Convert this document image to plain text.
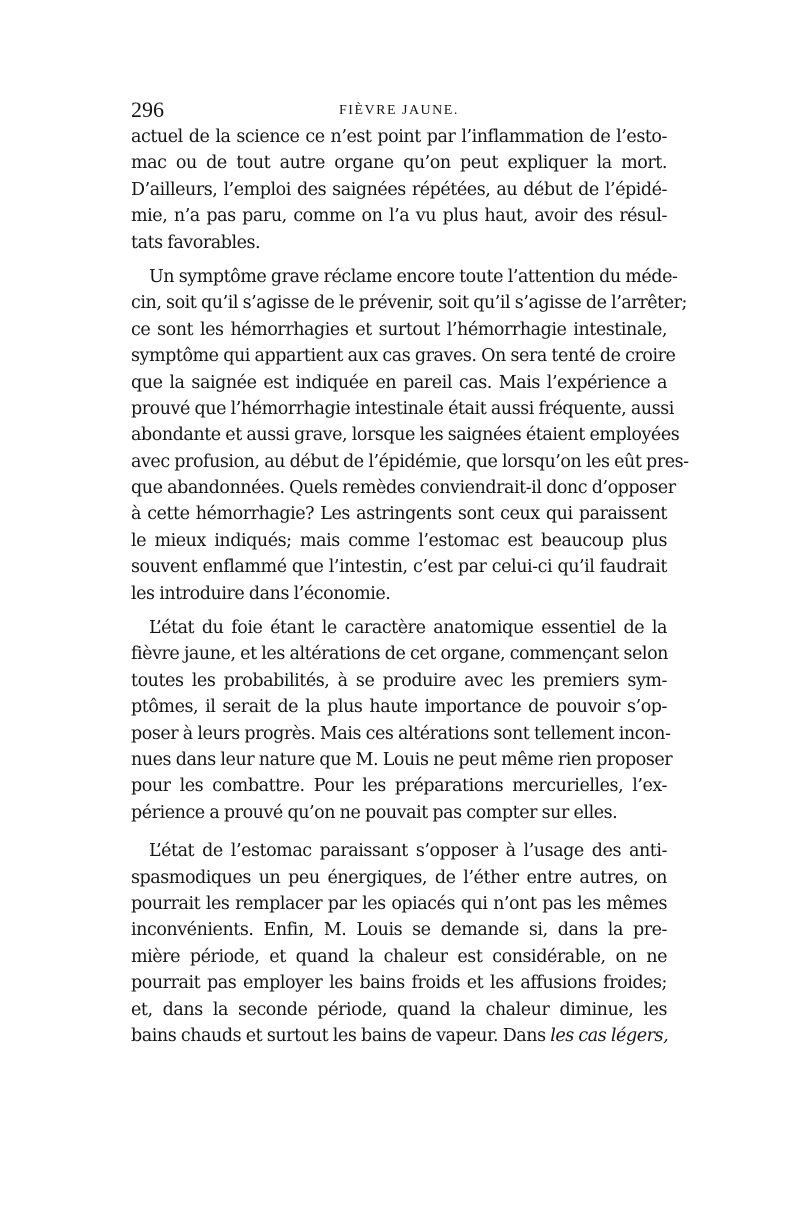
296	FIÈVRE JAUNE.
actuel de la science ce n’est point par l’inflammation de l’esto-
mac ou de tout autre organe qu’on peut expliquer la mort.
D’ailleurs, l’emploi des saignées répétées, au début de l’épidé-
mie, n’a pas paru, comme on l’a vu plus haut, avoir des résul-
tats favorables.
Un symptôme grave réclame encore toute l’attention du méde-
cin, soit qu’il s’agisse de le prévenir, soit qu’il s’agisse de l’arrêter;
ce sont les hémorrhagies et surtout l’hémorrhagie intestinale,
symptôme qui appartient aux cas graves. On sera tenté de croire
que la saignée est indiquée en pareil cas. Mais l’expérience a
prouvé que l’hémorrhagie intestinale était aussi fréquente, aussi
abondante et aussi grave, lorsque les saignées étaient employées
avec profusion, au début de l’épidémie, que lorsqu’on les eût pres-
que abandonnées. Quels remèdes conviendrait-il donc d’opposer
à cette hémorrhagie? Les astringents sont ceux qui paraissent
le mieux indiqués; mais comme l’estomac est beaucoup plus
souvent enflammé que l’intestin, c’est par celui-ci qu’il faudrait
les introduire dans l’économie.
L’état du foie étant le caractère anatomique essentiel de la
fièvre jaune, et les altérations de cet organe, commençant selon
toutes les probabilités, à se produire avec les premiers sym-
ptômes, il serait de la plus haute importance de pouvoir s’op-
poser à leurs progrès. Mais ces altérations sont tellement incon-
nues dans leur nature que M. Louis ne peut même rien proposer
pour les combattre. Pour les préparations mercurielles, l’ex-
périence a prouvé qu’on ne pouvait pas compter sur elles.
L’état de l’estomac paraissant s’opposer à l’usage des anti-
spasmodiques un peu énergiques, de l’éther entre autres, on
pourrait les remplacer par les opiacés qui n’ont pas les mêmes
inconvénients. Enfin, M. Louis se demande si, dans la pre-
mière période, et quand la chaleur est considérable, on ne
pourrait pas employer les bains froids et les affusions froides;
et, dans la seconde période, quand la chaleur diminue, les
bains chauds et surtout les bains de vapeur. Dans les cas légers,
